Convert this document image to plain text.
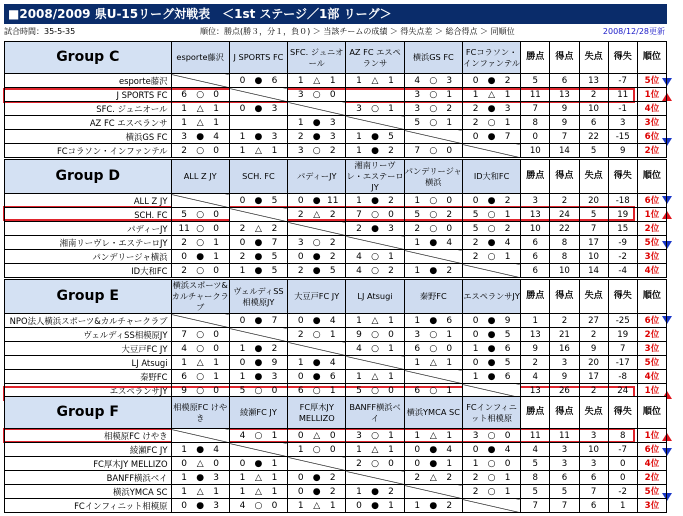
■2008/2009 県U-15リーグ対戦表　＜1st ステージ／1部 リーグ＞
試合時間：35-5-35	順位：勝点(勝３，分１，負０) ＞ 当該チームの成績 ＞ 得失点差 ＞ 総合得点 ＞ 同順位	2008/12/28更新
Group C	esporte藤沢	J SPORTS FC	SFC. ジュニオール	AZ FC エスペランサ	横浜GS FC	FCコラソン・インファンテル	勝点	得点	失点	得失	順位
esporte藤沢		0 ● 6	1 △ 1	1 △ 1	4 ○ 3	0 ● 2	5	6	13	-7	5位
J SPORTS FC	6 ○ 0		3 ○ 0		3 ○ 1	1 △ 1	11	13	2	11	1位
SFC. ジュニオール	1 △ 1	0 ● 3		3 ○ 1	3 ○ 2	2 ● 3	7	9	10	-1	4位
AZ FC エスペランサ	1 △ 1		1 ● 3		5 ○ 1	2 ○ 1	8	9	6	3	3位
横浜GS FC	3 ● 4	1 ● 3	2 ● 3	1 ● 5		0 ● 7	0	7	22	-15	6位
FCコラソン・インファンテル	2 ○ 0	1 △ 1	3 ○ 2	1 ● 2	7 ○ 0		10	14	5	9	2位
Group D	ALL Z JY	SCH. FC	パディーJY	湘南リーヴレ・エステーロJY	パンデリージャ横浜	ID大和FC	勝点	得点	失点	得失	順位
ALL Z JY		0 ● 5	0 ● 11	1 ● 2	1 ○ 0	0 ● 2	3	2	20	-18	6位
SCH. FC	5 ○ 0		2 △ 2	7 ○ 0	5 ○ 2	5 ○ 1	13	24	5	19	1位
パディーJY	11 ○ 0	2 △ 2		2 ● 3	2 ○ 0	5 ○ 2	10	22	7	15	2位
湘南リーヴレ・エステーロJY	2 ○ 1	0 ● 7	3 ○ 2		1 ● 4	2 ● 4	6	8	17	-9	5位
パンデリージャ横浜	0 ● 1	2 ● 5	0 ● 2	4 ○ 1		2 ○ 1	6	8	10	-2	3位
ID大和FC	2 ○ 0	1 ● 5	2 ● 5	4 ○ 2	1 ● 2		6	10	14	-4	4位
Group E	横浜スポーツ&カルチャークラブ	ヴェルディSS相模原JY	大豆戸FC JY	LJ Atsugi	秦野FC	エスペランサJY	勝点	得点	失点	得失	順位
NPO法人横浜スポーツ&カルチャークラブ		0 ● 7	0 ● 4	1 △ 1	1 ● 6	0 ● 9	1	2	27	-25	6位
ヴェルディSS相模原JY	7 ○ 0		2 ○ 1	9 ○ 0	3 ○ 1	0 ● 5	13	21	2	19	2位
大豆戸FC JY	4 ○ 0	1 ● 2		4 ○ 1	6 ○ 0	1 ● 6	9	16	9	7	3位
LJ Atsugi	1 △ 1	0 ● 9	1 ● 4		1 △ 1	0 ● 5	2	3	20	-17	5位
秦野FC	6 ○ 1	1 ● 3	0 ● 6	1 △ 1		1 ● 6	4	9	17	-8	4位
エスペランサJY	9 ○ 0	5 ○ 0	6 ○ 1	5 ○ 0	6 ○ 1		13	26	2	24	1位
Group F	相模原FC けやき	綾瀬FC JY	FC厚木JY MELLIZO	BANFF横浜ベイ	横浜YMCA SC	FCインフィニット相模原	勝点	得点	失点	得失	順位
相模原FC けやき		4 ○ 1	0 △ 0	3 ○ 1	1 △ 1	3 ○ 0	11	11	3	8	1位
綾瀬FC JY	1 ● 4		1 ○ 0	1 △ 1	0 ● 4	0 ● 4	4	3	10	-7	6位
FC厚木JY MELLIZO	0 △ 0	0 ● 1		2 ○ 0	0 ● 1	1 ○ 0	5	3	3	0	4位
BANFF横浜ベイ	1 ● 3	1 △ 1	0 ● 2		2 △ 2	2 ○ 1	8	6	6	0	2位
横浜YMCA SC	1 △ 1	1 △ 1	0 ● 2	1 ● 2		2 ○ 1	5	5	7	-2	5位
FCインフィニット相模原	0 ● 3	4 ○ 0	1 △ 1	0 ● 1	1 ● 2		7	7	6	1	3位
